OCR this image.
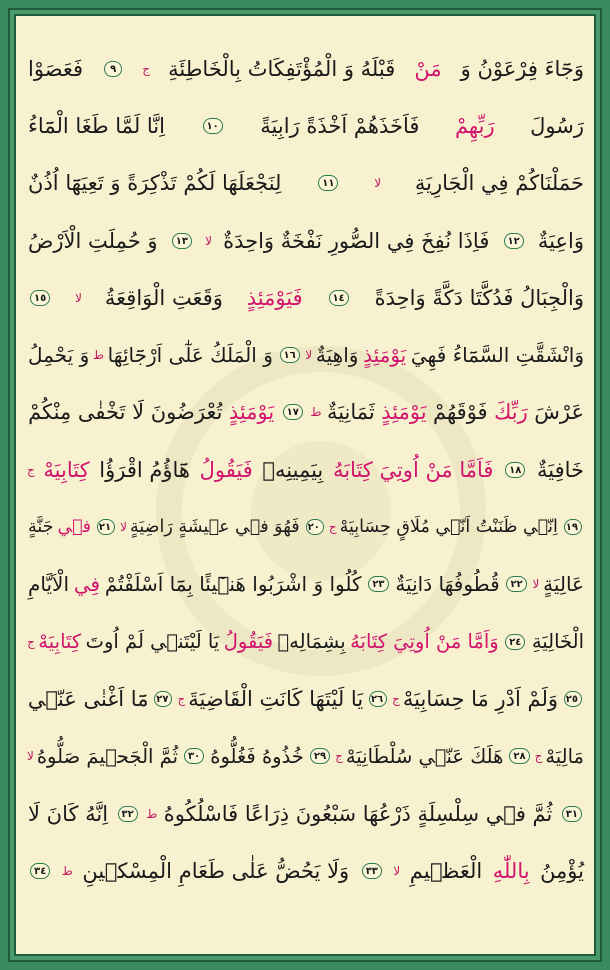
وَجَٓاءَ فِرْعَوْنُ وَ
مَنْ
قَبْلَهُ وَ الْمُؤْتَفِكَاتُ بِالْخَاطِئَةِ
ج
٩
فَعَصَوْا
رَسُولَ
رَبِّهِمْ
فَاَخَذَهُمْ اَخْذَةً رَابِيَةً
١٠
اِنَّا لَمَّا طَغَا الْمَٓاءُ
حَمَلْنَاكُمْ فِي الْجَارِيَةِ
لا
١١
لِنَجْعَلَهَا لَكُمْ تَذْكِرَةً وَ تَعِيَهَٓا اُذُنٌ
وَاعِيَةٌ
١٢
فَاِذَا نُفِخَ فِي الصُّورِ نَفْخَةٌ وَاحِدَةٌ
لا
١٣
وَ حُمِلَتِ الْاَرْضُ
وَالْجِبَالُ فَدُكَّتَا دَكَّةً وَاحِدَةً
١٤
فَيَوْمَئِذٍ
وَقَعَتِ الْوَاقِعَةُ
لا
١٥
وَانْشَقَّتِ السَّمَٓاءُ فَهِيَ
يَوْمَئِذٍ
وَاهِيَةٌ
لا
١٦
وَ الْمَلَكُ عَلٰٓى اَرْجَٓائِهَا
ط
وَ يَحْمِلُ
عَرْشَ
رَبِّكَ
فَوْقَهُمْ
يَوْمَئِذٍ
ثَمَانِيَةٌ
ط
١٧
يَوْمَئِذٍ
تُعْرَضُونَ لَا تَخْفٰى مِنْكُمْ
خَافِيَةٌ
١٨
فَاَمَّا مَنْ اُوتِيَ كِتَابَهُ
بِيَمِينِه۪
فَيَقُولُ
هَٓاؤُمُ اقْرَؤُا
كِتَابِيَهْ
ج
١٩
اِنّ۪ي ظَنَنْتُ اَنّ۪ي مُلَاقٍ حِسَابِيَهْ
ج
٢٠
فَهُوَ ف۪ي ع۪يشَةٍ رَاضِيَةٍ
لا
٢١
ف۪ي
جَنَّةٍ
عَالِيَةٍ
لا
٢٢
قُطُوفُهَا دَانِيَةٌ
٢٣
كُلُوا وَ اشْرَبُوا هَن۪ٓيئًا بِمَٓا اَسْلَفْتُمْ
فِي
الْاَيَّامِ
الْخَالِيَةِ
٢٤
وَاَمَّا مَنْ اُوتِيَ كِتَابَهُ
بِشِمَالِه۪
فَيَقُولُ
يَا لَيْتَن۪ي لَمْ اُوتَ
كِتَابِيَهْ
ج
٢٥
وَلَمْ اَدْرِ مَا حِسَابِيَهْ
ج
٢٦
يَا لَيْتَهَا كَانَتِ الْقَاضِيَةَ
ج
٢٧
مَٓا اَغْنٰى عَنّ۪ي
مَالِيَهْ
ج
٢٨
هَلَكَ عَنّ۪ي سُلْطَانِيَهْ
ج
٢٩
خُذُوهُ فَغُلُّوهُ
٣٠
ثُمَّ الْجَح۪يمَ صَلُّوهُ
لا
٣١
ثُمَّ ف۪ي سِلْسِلَةٍ ذَرْعُهَا سَبْعُونَ ذِرَاعًا فَاسْلُكُوهُ
ط
٣٢
اِنَّهُ كَانَ لَا
يُؤْمِنُ
بِاللّٰهِ
الْعَظ۪يمِ
لا
٣٣
وَلَا يَحُضُّ عَلٰى طَعَامِ الْمِسْك۪ينِ
ط
٣٤
